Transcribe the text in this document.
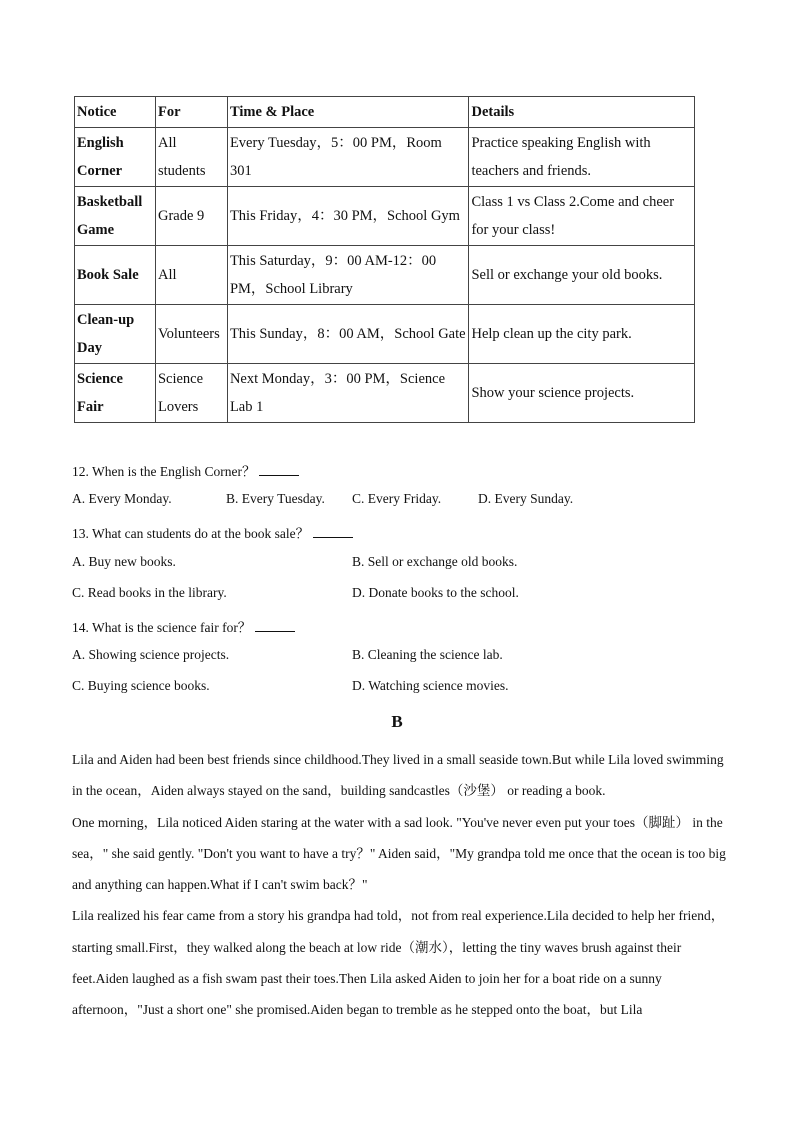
Notice	For	Time & Place	Details
English Corner	All students	Every Tuesday，5：00 PM，Room 301	Practice speaking English with teachers and friends.
Basketball Game	Grade 9	This Friday，4：30 PM，School Gym	Class 1 vs Class 2.Come and cheer for your class!
Book Sale	All	This Saturday，9：00 AM-12：00 PM，School Library	Sell or exchange your old books.
Clean-up Day	Volunteers	This Sunday，8：00 AM，School Gate	Help clean up the city park.
Science Fair	Science Lovers	Next Monday，3：00 PM，Science Lab 1	Show your science projects.
12. When is the English Corner？
A. Every Monday.	B. Every Tuesday. C. Every Friday.	D. Every Sunday.
13. What can students do at the book sale？
A. Buy new books.	B. Sell or exchange old books.
C. Read books in the library.	D. Donate books to the school.
14. What is the science fair for？
A. Showing science projects.	B. Cleaning the science lab.
C. Buying science books.	D. Watching science movies.
B

Lila and Aiden had been best friends since childhood.They lived in a small seaside town.But while Lila loved swimming in the ocean，Aiden always stayed on the sand，building sandcastles（沙堡） or reading a book.

One morning，Lila noticed Aiden staring at the water with a sad look. "You've never even put your toes（脚趾） in the sea，" she said gently. "Don't you want to have a try？" Aiden said，"My grandpa told me once that the ocean is too big and anything can happen.What if I can't swim back？"

Lila realized his fear came from a story his grandpa had told，not from real experience.Lila decided to help her friend，starting small.First，they walked along the beach at low ride（潮水），letting the tiny waves brush against their feet.Aiden laughed as a fish swam past their toes.Then Lila asked Aiden to join her for a boat ride on a sunny afternoon，"Just a short one" she promised.Aiden began to tremble as he stepped onto the boat，but Lila
